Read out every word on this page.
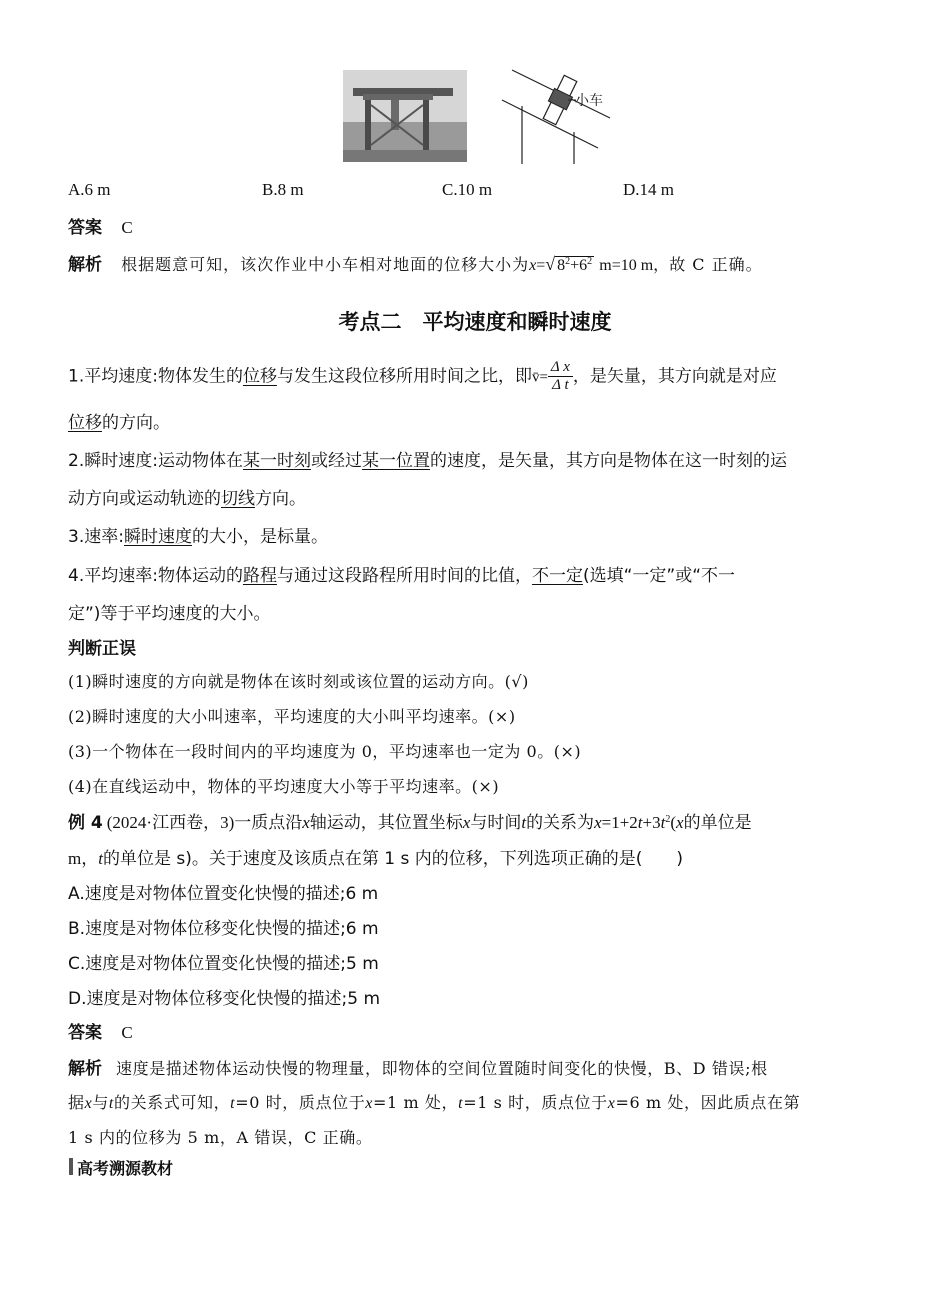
小车
A.6 m	B.8 m	C.10 m	D.14 m
答案 C
解析 根据题意可知，该次作业中小车相对地面的位移大小为x=√ $8^2+6^2$ m=10 m，故 C 正确。
考点二　平均速度和瞬时速度
1.平均速度:物体发生的位移与发生这段位移所用时间之比，即v̄= $\frac{\text{Δ x}}{\text{Δ t}}$ ，是矢量，其方向就是对应
位移的方向。
2.瞬时速度:运动物体在某一时刻或经过某一位置的速度，是矢量，其方向是物体在这一时刻的运
动方向或运动轨迹的切线方向。
3.速率:瞬时速度的大小，是标量。
4.平均速率:物体运动的路程与通过这段路程所用时间的比值，不一定(选填“一定”或“不一
定”)等于平均速度的大小。
判断正误
(1)瞬时速度的方向就是物体在该时刻或该位置的运动方向。(√)
(2)瞬时速度的大小叫速率，平均速度的大小叫平均速率。(×)
(3)一个物体在一段时间内的平均速度为 0，平均速率也一定为 0。(×)
(4)在直线运动中，物体的平均速度大小等于平均速率。(×)
例 4 (2024·江西卷，3)一质点沿x轴运动，其位置坐标x与时间t的关系为$x=1+2t+3t^2(x$的单位是
m，t的单位是 s)。关于速度及该质点在第 1 s 内的位移，下列选项正确的是(　　)
A.速度是对物体位置变化快慢的描述;6 m
B.速度是对物体位移变化快慢的描述;6 m
C.速度是对物体位置变化快慢的描述;5 m
D.速度是对物体位移变化快慢的描述;5 m
答案 C
解析 速度是描述物体运动快慢的物理量，即物体的空间位置随时间变化的快慢，B、D 错误;根
据x与t的关系式可知，t=0 时，质点位于x=1 m 处，t=1 s 时，质点位于x=6 m 处，因此质点在第
1 s 内的位移为 5 m，A 错误，C 正确。
高考溯源教材
